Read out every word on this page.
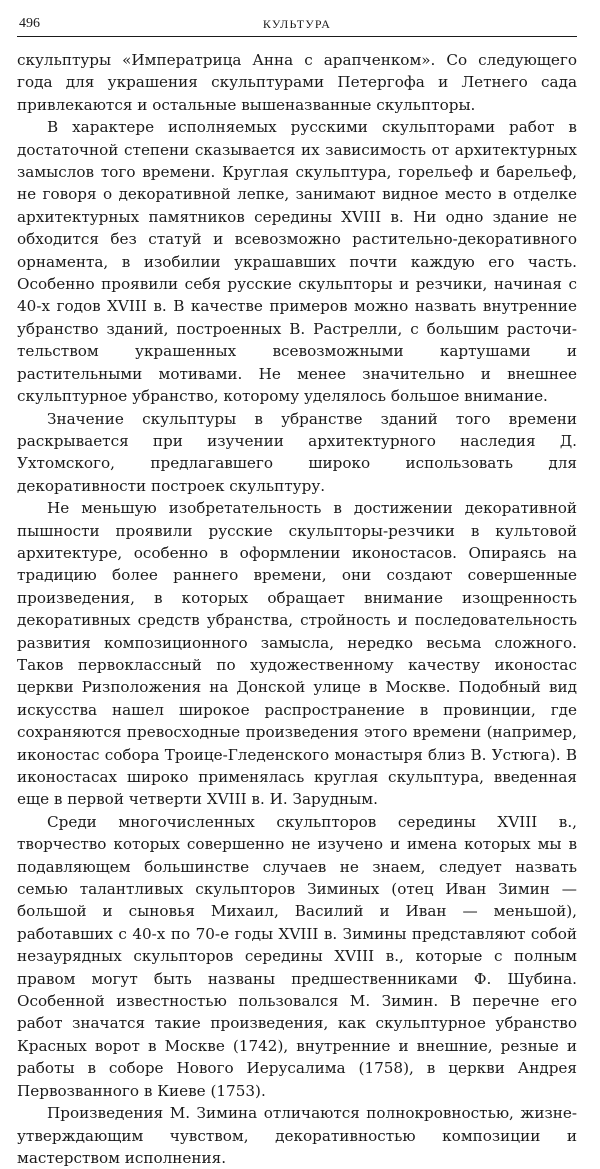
496	КУЛЬТУРА

скульптуры «Императрица Анна с арапченком». Со следующего года для украшения скульптурами Петергофа и Летнего сада привлекаются и остальные вышеназванные скульпторы.

В характере исполняемых русскими скульпторами работ в достаточной степени сказывается их зависимость от архитектурных замыслов того времени. Круглая скульптура, горельеф и барельеф, не говоря о декоративной лепке, занимают видное место в отделке архитектурных памятников середины XVIII в. Ни одно здание не обходится без статуй и всевозможно растительно-декоративного орнамента, в изобилии украшавших почти каждую его часть. Особенно проявили себя русские скульпторы и резчики, начиная с 40-х годов XVIII в. В качестве примеров можно назвать внутренние убранство зданий, построенных В. Растрелли, с большим расточительством украшенных всевозможными картушами и растительными мотивами. Не менее значительно и внешнее скульптурное убранство, которому уделялось большое внимание.

Значение скульптуры в убранстве зданий того времени раскрывается при изучении архитектурного наследия Д. Ухтомского, предлагавшего широко использовать для декоративности построек скульптуру.

Не меньшую изобретательность в достижении декоративной пышности проявили русские скульпторы-резчики в культовой архитектуре, особенно в оформлении иконостасов. Опираясь на традицию более раннего времени, они создают совершенные произведения, в которых обращает внимание изощренность декоративных средств убранства, стройность и последовательность развития композиционного замысла, нередко весьма сложного. Таков первоклассный по художественному качеству иконостас церкви Ризположения на Донской улице в Москве. Подобный вид искусства нашел широкое распространение в провинции, где сохраняются превосходные произведения этого времени (например, иконостас собора Троице-Гледенского монастыря близ В. Устюга). В иконостасах широко применялась круглая скульптура, введенная еще в первой четверти XVIII в. И. Зарудным.

Среди многочисленных скульпторов середины XVIII в., творчество которых совершенно не изучено и имена которых мы в подавляющем большинстве случаев не знаем, следует назвать семью талантливых скульпторов Зиминых (отец Иван Зимин — большой и сыновья Михаил, Василий и Иван — меньшой), работавших с 40-х по 70-е годы XVIII в. Зимины представляют собой незаурядных скульпторов середины XVIII в., которые с полным правом могут быть названы предшественниками Ф. Шубина. Особенной известностью пользовался М. Зимин. В перечне его работ значатся такие произведения, как скульптурное убранство Красных ворот в Москве (1742), внутренние и внешние, резные и работы в соборе Нового Иерусалима (1758), в церкви Андрея Первозванного в Киеве (1753).

Произведения М. Зимина отличаются полнокровностью, жизнеутверждающим чувством, декоративностью композиции и мастерством исполнения.
